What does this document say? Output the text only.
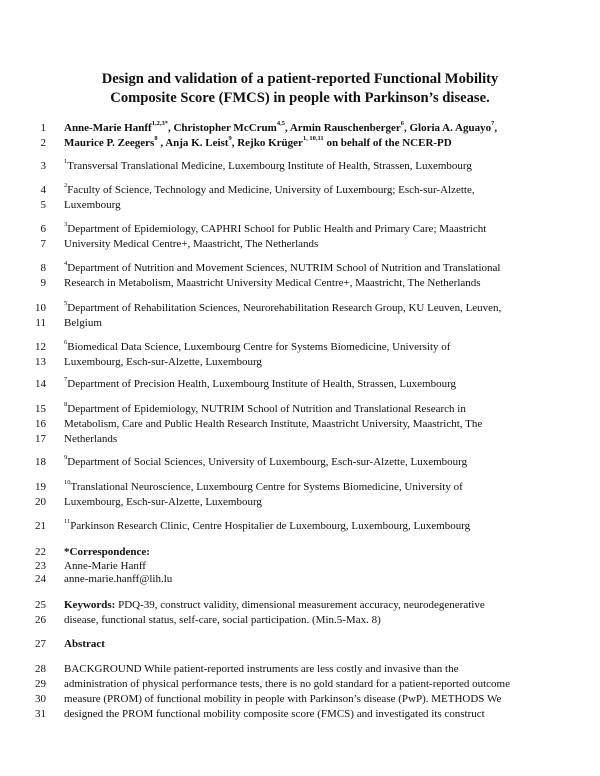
Design and validation of a patient-reported Functional Mobility
Composite Score (FMCS) in people with Parkinson’s disease.
1 Anne-Marie Hanff$^{1,2,3*}$, Christopher McCrum$^{4,5}$, Armin Rauschenberger$^6$, Gloria A. Aguayo$^7$,
2 Maurice P. Zeegers$^8$ , Anja K. Leist$^9$, Rejko Krüger$^{1, 10,11}$ on behalf of the NCER-PD
3	$^1$Transversal Translational Medicine, Luxembourg Institute of Health, Strassen, Luxembourg
4	$^2$Faculty of Science, Technology and Medicine, University of Luxembourg; Esch-sur-Alzette,
5 Luxembourg
6	$^3$Department of Epidemiology, CAPHRI School for Public Health and Primary Care; Maastricht
7 University Medical Centre+, Maastricht, The Netherlands
8	$^4$Department of Nutrition and Movement Sciences, NUTRIM School of Nutrition and Translational
9 Research in Metabolism, Maastricht University Medical Centre+, Maastricht, The Netherlands
10	$^5$Department of Rehabilitation Sciences, Neurorehabilitation Research Group, KU Leuven, Leuven,
11 Belgium
12	$^6$Biomedical Data Science, Luxembourg Centre for Systems Biomedicine, University of
13 Luxembourg, Esch-sur-Alzette, Luxembourg
14	$^7$Department of Precision Health, Luxembourg Institute of Health, Strassen, Luxembourg
15	$^8$Department of Epidemiology, NUTRIM School of Nutrition and Translational Research in
16 Metabolism, Care and Public Health Research Institute, Maastricht University, Maastricht, The
17 Netherlands
18	$^9$Department of Social Sciences, University of Luxembourg, Esch-sur-Alzette, Luxembourg
19	$^{10}$Translational Neuroscience, Luxembourg Centre for Systems Biomedicine, University of
20 Luxembourg, Esch-sur-Alzette, Luxembourg
21	$^{11}$Parkinson Research Clinic, Centre Hospitalier de Luxembourg, Luxembourg, Luxembourg
22 *Correspondence:
23 Anne-Marie Hanff
24 anne-marie.hanff@lih.lu
25 Keywords: PDQ-39, construct validity, dimensional measurement accuracy, neurodegenerative
26 disease, functional status, self-care, social participation. (Min.5-Max. 8)
27 Abstract
28 BACKGROUND While patient-reported instruments are less costly and invasive than the
29 administration of physical performance tests, there is no gold standard for a patient-reported outcome
30 measure (PROM) of functional mobility in people with Parkinson’s disease (PwP). METHODS We
31 designed the PROM functional mobility composite score (FMCS) and investigated its construct
